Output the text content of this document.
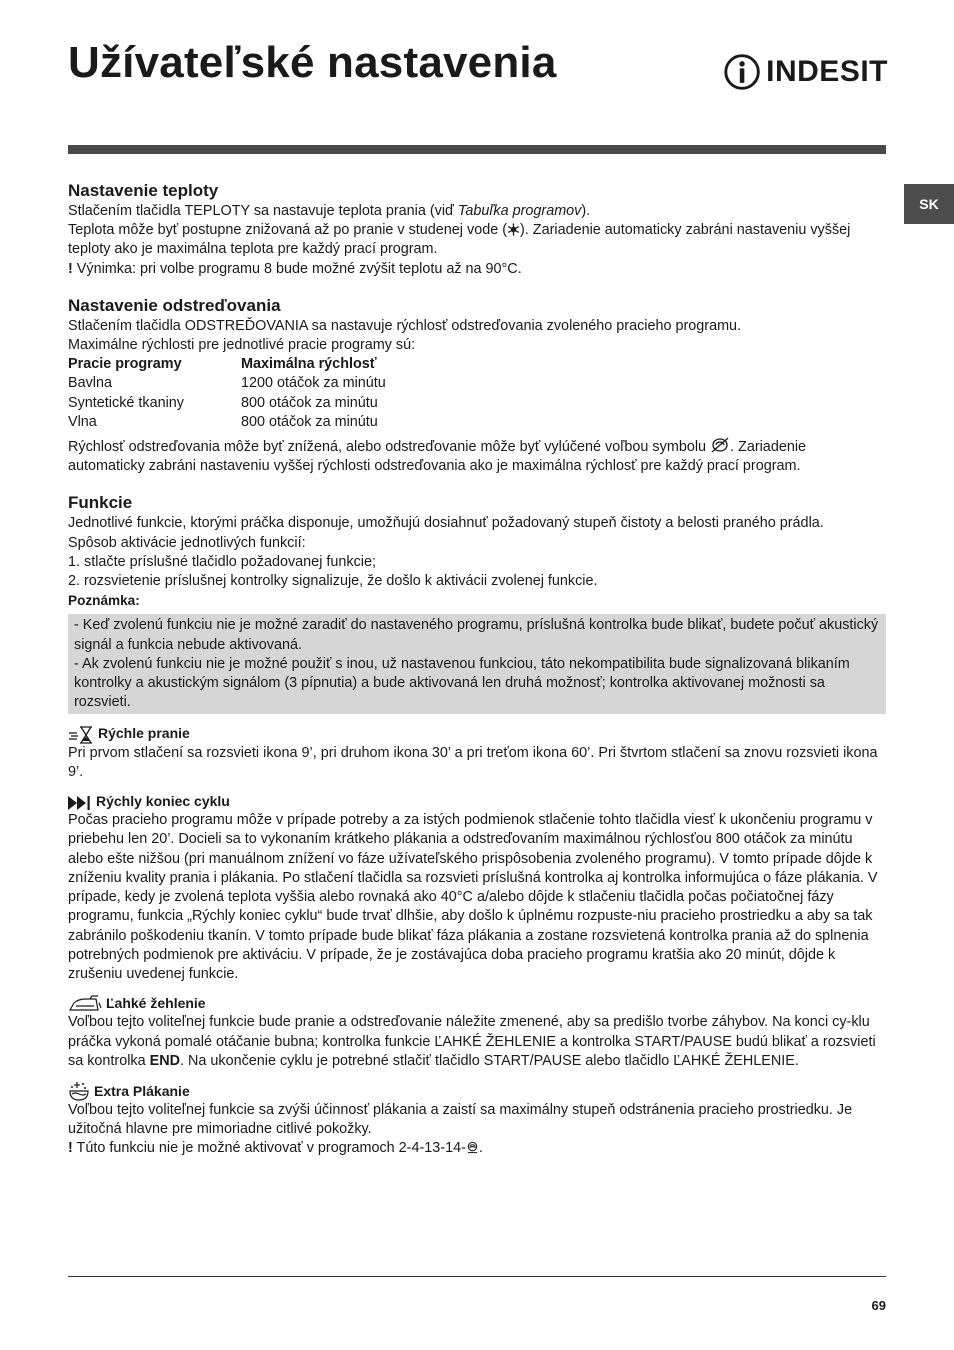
Užívateľské nastavenia	INDESIT
SK
Nastavenie teploty

Stlačením tlačidla TEPLOTY sa nastavuje teplota prania (viď Tabuľka programov).

Teplota môže byť postupne znižovaná až po pranie v studenej vode ( ). Zariadenie automaticky zabráni nastaveniu vyššej teploty ako je maximálna teplota pre každý prací program.

! Výnimka: pri volbe programu 8 bude možné zvýšit teplotu až na 90°C.

Nastavenie odstreďovania

Stlačením tlačidla ODSTREĎOVANIA sa nastavuje rýchlosť odstreďovania zvoleného pracieho programu.

Maximálne rýchlosti pre jednotlivé pracie programy sú:

Pracie programy	Maximálna rýchlosť
Bavlna	1200 otáčok za minútu
Syntetické tkaniny	800 otáčok za minútu
Vlna	800 otáčok za minútu

Rýchlosť odstreďovania môže byť znížená, alebo odstreďovanie môže byť vylúčené voľbou symbolu . Zariadenie automaticky zabráni nastaveniu vyššej rýchlosti odstreďovania ako je maximálna rýchlosť pre každý prací program.

Funkcie

Jednotlivé funkcie, ktorými práčka disponuje, umožňujú dosiahnuť požadovaný stupeň čistoty a belosti praného prádla.

Spôsob aktivácie jednotlivých funkcií:

1. stlačte príslušné tlačidlo požadovanej funkcie;

2. rozsvietenie príslušnej kontrolky signalizuje, že došlo k aktivácii zvolenej funkcie.

Poznámka:

- Keď zvolenú funkciu nie je možné zaradiť do nastaveného programu, príslušná kontrolka bude blikať, budete počuť akustický signál a funkcia nebude aktivovaná.

- Ak zvolenú funkciu nie je možné použiť s inou, už nastavenou funkciou, táto nekompatibilita bude signalizovaná blikaním kontrolky a akustickým signálom (3 pípnutia) a bude aktivovaná len druhá možnosť; kontrolka aktivovanej možnosti sa rozsvieti.

Rýchle pranie

Pri prvom stlačení sa rozsvieti ikona 9’, pri druhom ikona 30’ a pri treťom ikona 60’. Pri štvrtom stlačení sa znovu rozsvieti ikona 9’.

Rýchly koniec cyklu

Počas pracieho programu môže v prípade potreby a za istých podmienok stlačenie tohto tlačidla viesť k ukončeniu programu v priebehu len 20’. Docieli sa to vykonaním krátkeho plákania a odstreďovaním maximálnou rýchlosťou 800 otáčok za minútu alebo ešte nižšou (pri manuálnom znížení vo fáze užívateľského prispôsobenia zvoleného programu). V tomto prípade dôjde k zníženiu kvality prania i plákania. Po stlačení tlačidla sa rozsvieti príslušná kontrolka aj kontrolka informujúca o fáze plákania. V prípade, kedy je zvolená teplota vyššia alebo rovnaká ako 40°C a/alebo dôjde k stlačeniu tlačidla počas počiatočnej fázy programu, funkcia „Rýchly koniec cyklu“ bude trvať dlhšie, aby došlo k úplnému rozpuste-niu pracieho prostriedku a aby sa tak zabránilo poškodeniu tkanín. V tomto prípade bude blikať fáza plákania a zostane rozsvietená kontrolka prania až do splnenia potrebných podmienok pre aktiváciu. V prípade, že je zostávajúca doba pracieho programu kratšia ako 20 minút, dôjde k zrušeniu uvedenej funkcie.

Ľahké žehlenie

Voľbou tejto voliteľnej funkcie bude pranie a odstreďovanie náležite zmenené, aby sa predišlo tvorbe záhybov. Na konci cy-klu práčka vykoná pomalé otáčanie bubna; kontrolka funkcie ĽAHKÉ ŽEHLENIE a kontrolka START/PAUSE budú blikať a rozsvieti sa kontrolka END. Na ukončenie cyklu je potrebné stlačiť tlačidlo START/PAUSE alebo tlačidlo ĽAHKÉ ŽEHLENIE.

Extra Plákanie

Voľbou tejto voliteľnej funkcie sa zvýši účinnosť plákania a zaistí sa maximálny stupeň odstránenia pracieho prostriedku. Je užitočná hlavne pre mimoriadne citlivé pokožky.

! Túto funkciu nie je možné aktivovať v programoch 2-4-13-14- .

69
